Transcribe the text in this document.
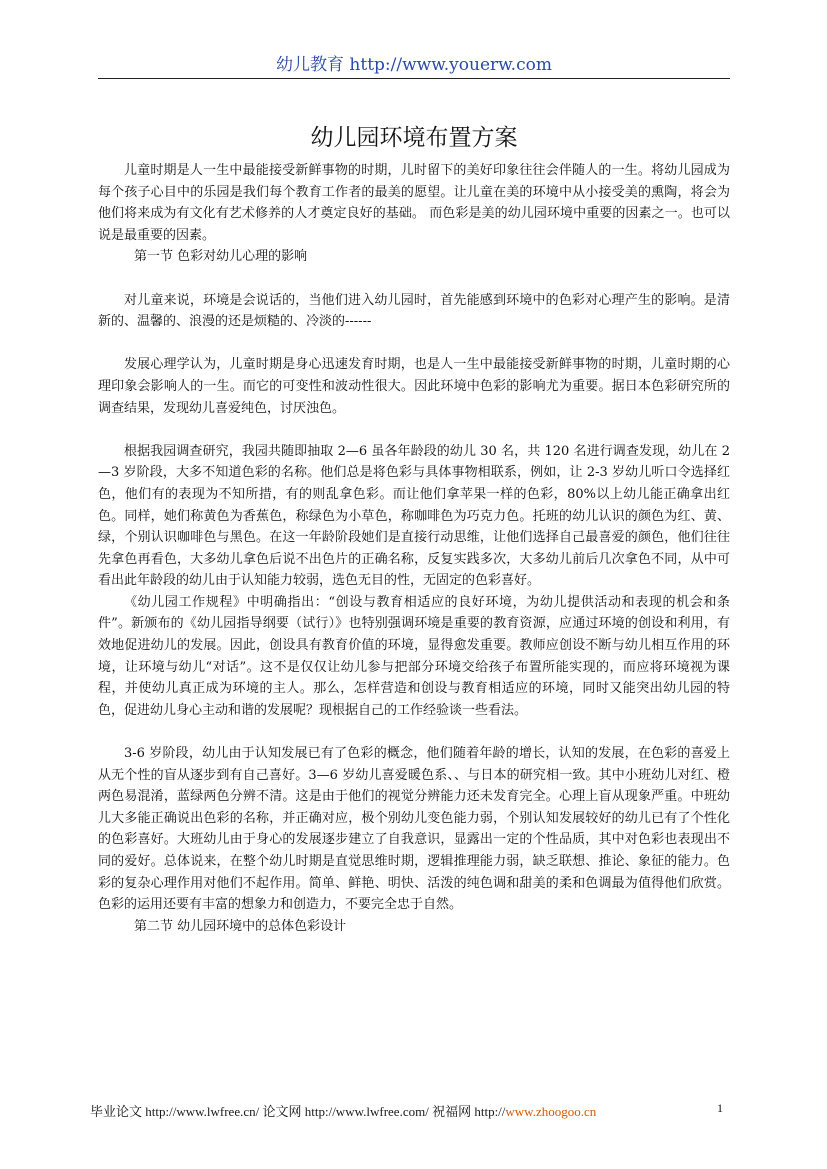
幼儿教育 http://www.youerw.com
幼儿园环境布置方案

儿童时期是人一生中最能接受新鲜事物的时期，儿时留下的美好印象往往会伴随人的一生。将幼儿园成为每个孩子心目中的乐园是我们每个教育工作者的最美的愿望。让儿童在美的环境中从小接受美的熏陶，将会为他们将来成为有文化有艺术修养的人才奠定良好的基础。 而色彩是美的幼儿园环境中重要的因素之一。也可以说是最重要的因素。

第一节 色彩对幼儿心理的影响

对儿童来说，环境是会说话的，当他们进入幼儿园时，首先能感到环境中的色彩对心理产生的影响。是清新的、温馨的、浪漫的还是烦糙的、冷淡的------

发展心理学认为，儿童时期是身心迅速发育时期，也是人一生中最能接受新鲜事物的时期，儿童时期的心理印象会影响人的一生。而它的可变性和波动性很大。因此环境中色彩的影响尤为重要。据日本色彩研究所的调查结果，发现幼儿喜爱纯色，讨厌浊色。

根据我园调查研究，我园共随即抽取 2—6 虽各年龄段的幼儿 30 名，共 120 名进行调查发现，幼儿在 2—3 岁阶段，大多不知道色彩的名称。他们总是将色彩与具体事物相联系，例如，让 2-3 岁幼儿听口令选择红色，他们有的表现为不知所措，有的则乱拿色彩。而让他们拿苹果一样的色彩，80%以上幼儿能正确拿出红色。同样，她们称黄色为香蕉色，称绿色为小草色，称咖啡色为巧克力色。托班的幼儿认识的颜色为红、黄、绿，个别认识咖啡色与黑色。在这一年龄阶段她们是直接行动思维，让他们选择自己最喜爱的颜色，他们往往先拿色再看色，大多幼儿拿色后说不出色片的正确名称，反复实践多次，大多幼儿前后几次拿色不同，从中可看出此年龄段的幼儿由于认知能力较弱，选色无目的性，无固定的色彩喜好。

《幼儿园工作规程》中明确指出：“创设与教育相适应的良好环境，为幼儿提供活动和表现的机会和条件”。新颁布的《幼儿园指导纲要（试行）》也特别强调环境是重要的教育资源，应通过环境的创设和利用，有效地促进幼儿的发展。因此，创设具有教育价值的环境，显得愈发重要。教师应创设不断与幼儿相互作用的环境，让环境与幼儿“对话”。这不是仅仅让幼儿参与把部分环境交给孩子布置所能实现的，而应将环境视为课程，并使幼儿真正成为环境的主人。那么，怎样营造和创设与教育相适应的环境，同时又能突出幼儿园的特色，促进幼儿身心主动和谐的发展呢？现根据自己的工作经验谈一些看法。

3-6 岁阶段，幼儿由于认知发展已有了色彩的概念，他们随着年龄的增长，认知的发展，在色彩的喜爱上从无个性的盲从逐步到有自己喜好。3—6 岁幼儿喜爱暖色系、、与日本的研究相一致。其中小班幼儿对红、橙两色易混淆，蓝绿两色分辨不清。这是由于他们的视觉分辨能力还未发育完全。心理上盲从现象严重。中班幼儿大多能正确说出色彩的名称，并正确对应，极个别幼儿变色能力弱，个别认知发展较好的幼儿已有了个性化的色彩喜好。大班幼儿由于身心的发展逐步建立了自我意识，显露出一定的个性品质，其中对色彩也表现出不同的爱好。总体说来，在整个幼儿时期是直觉思维时期，逻辑推理能力弱，缺乏联想、推论、象征的能力。色彩的复杂心理作用对他们不起作用。简单、鲜艳、明快、活泼的纯色调和甜美的柔和色调最为值得他们欣赏。色彩的运用还要有丰富的想象力和创造力，不要完全忠于自然。

第二节 幼儿园环境中的总体色彩设计

毕业论文 http://www.lwfree.cn/ 论文网 http://www.lwfree.com/ 祝福网 http://www.zhoogoo.cn	1
